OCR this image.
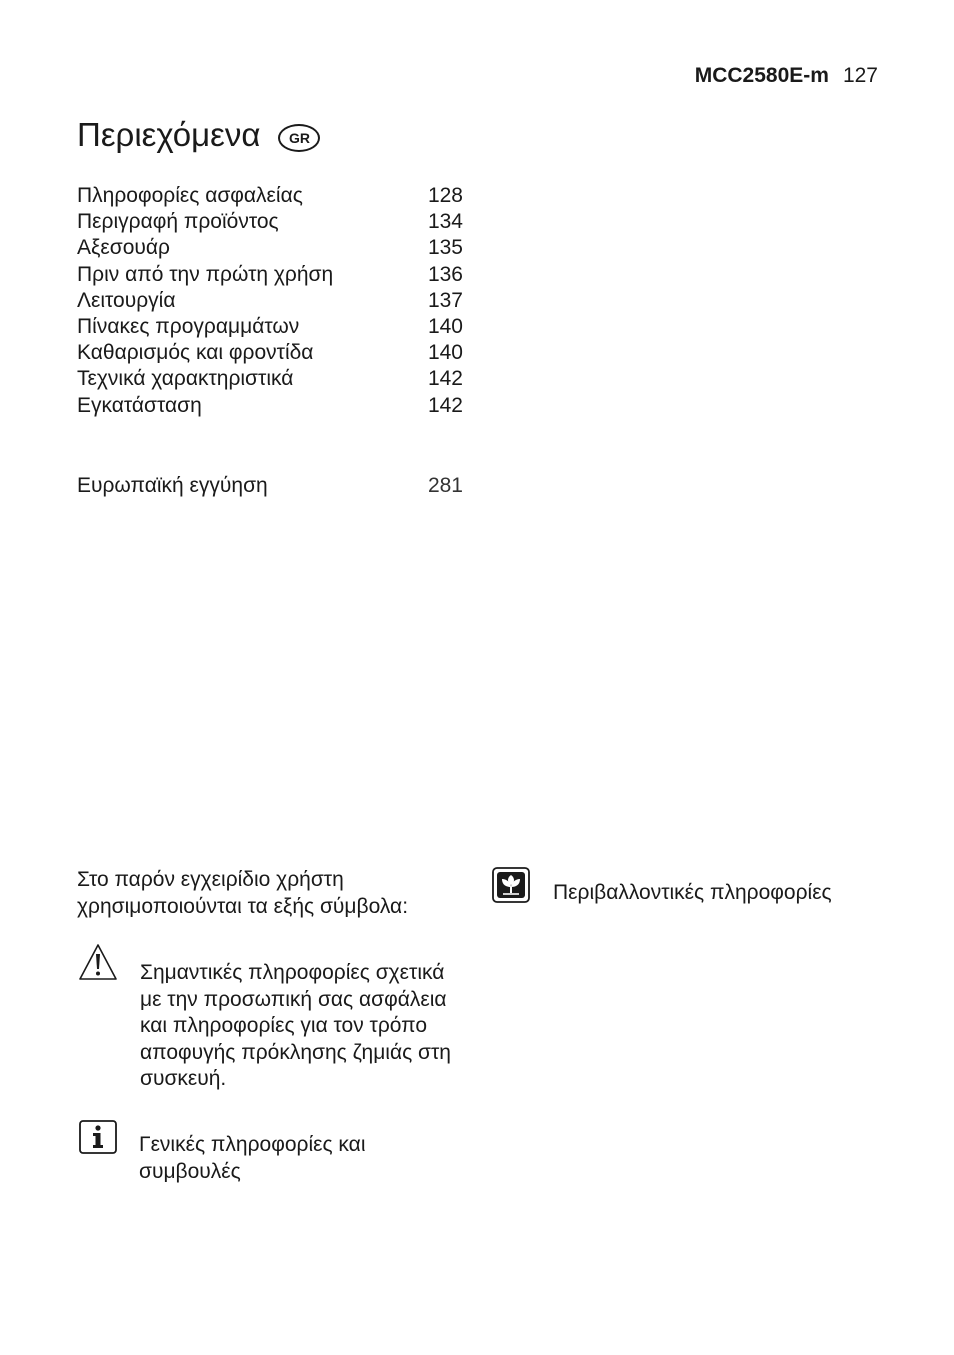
MCC2580E-m 127
Περιεχόμενα	GR
Πληροφορίες ασφαλείας	128
Περιγραφή προϊόντος	134
Αξεσουάρ	135
Πριν από την πρώτη χρήση	136
Λειτουργία	137
Πίνακες προγραμμάτων	140
Καθαρισμός και φροντίδα	140
Τεχνικά χαρακτηριστικά	142
Εγκατάσταση	142
Ευρωπαϊκή εγγύηση	281
Στο παρόν εγχειρίδιο χρήστη χρησιμοποιούνται τα εξής σύμβολα:
Σημαντικές πληροφορίες σχετικά με την προσωπική σας ασφάλεια και πληροφορίες για τον τρόπο αποφυγής πρόκλησης ζημιάς στη συσκευή.
Γενικές πληροφορίες και συμβουλές
Περιβαλλοντικές πληροφορίες
